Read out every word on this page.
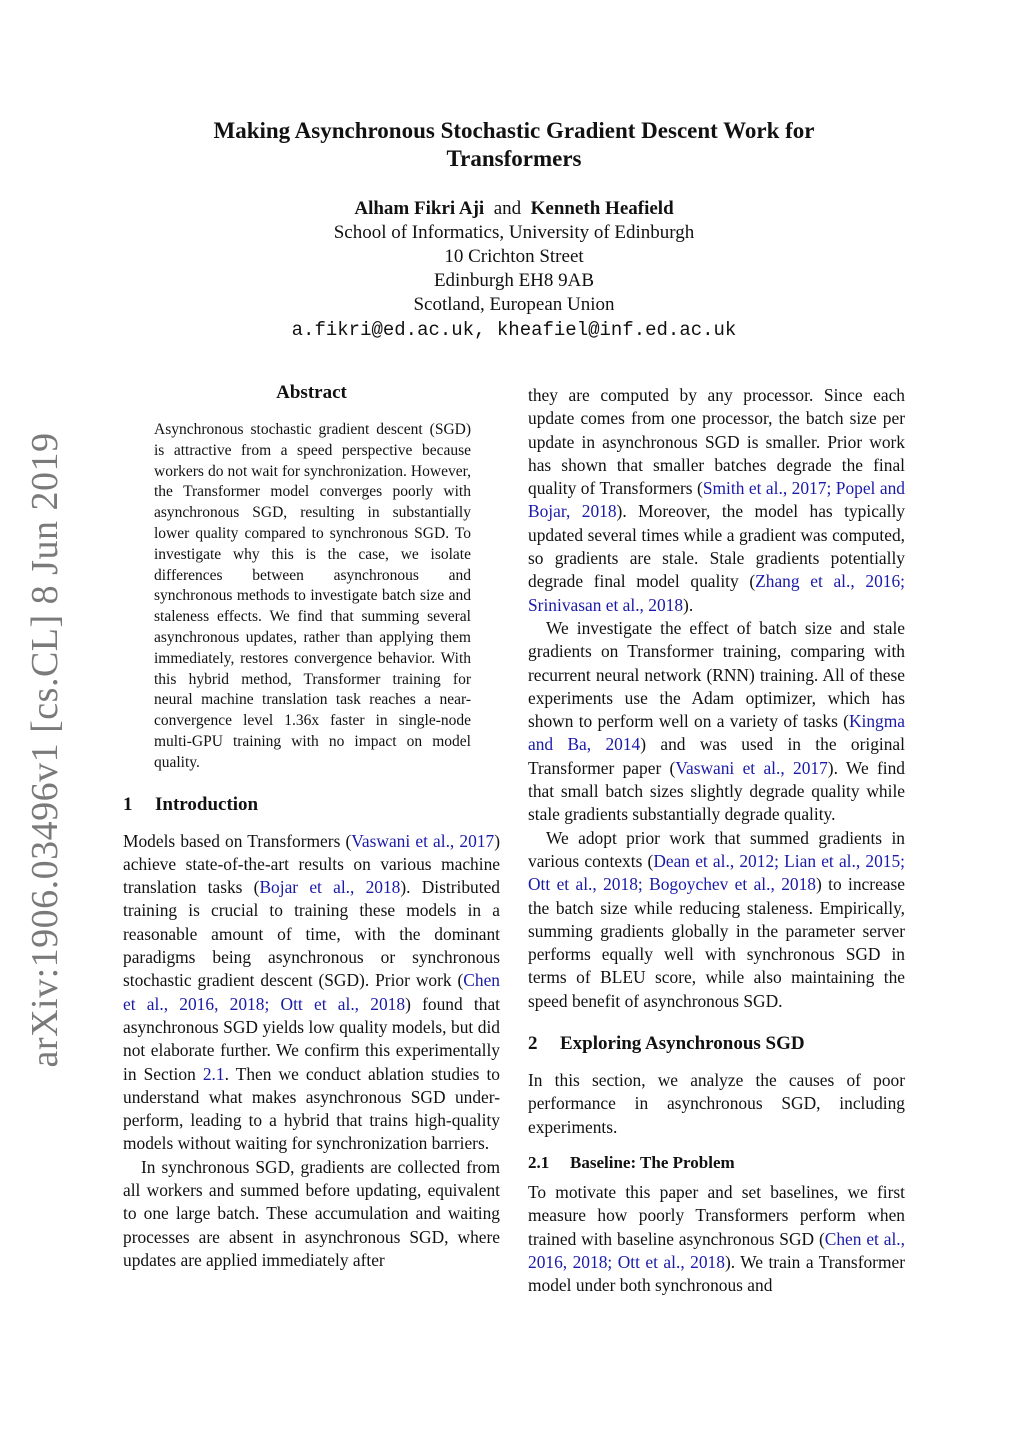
arXiv:1906.03496v1 [cs.CL] 8 Jun 2019
Making Asynchronous Stochastic Gradient Descent Work for
Transformers
Alham Fikri Aji and Kenneth Heafield
School of Informatics, University of Edinburgh
10 Crichton Street
Edinburgh EH8 9AB
Scotland, European Union
a.fikri@ed.ac.uk, kheafiel@inf.ed.ac.uk
Abstract
Asynchronous stochastic gradient descent (SGD) is attractive from a speed perspective because workers do not wait for synchronization. However, the Transformer model converges poorly with asynchronous SGD, resulting in substantially lower quality compared to synchronous SGD. To investigate why this is the case, we isolate differences between asynchronous and synchronous methods to investigate batch size and staleness effects. We find that summing several asynchronous updates, rather than applying them immediately, restores convergence behavior. With this hybrid method, Transformer training for neural machine translation task reaches a near-convergence level 1.36x faster in single-node multi-GPU training with no impact on model quality.
1 Introduction

Models based on Transformers (Vaswani et al., 2017) achieve state-of-the-art results on various machine translation tasks (Bojar et al., 2018). Distributed training is crucial to training these models in a reasonable amount of time, with the dominant paradigms being asynchronous or synchronous stochastic gradient descent (SGD). Prior work (Chen et al., 2016, 2018; Ott et al., 2018) found that asynchronous SGD yields low quality models, but did not elaborate further. We confirm this experimentally in Section 2.1. Then we conduct ablation studies to understand what makes asynchronous SGD under-perform, leading to a hybrid that trains high-quality models without waiting for synchronization barriers.

In synchronous SGD, gradients are collected from all workers and summed before updating, equivalent to one large batch. These accumulation and waiting processes are absent in asynchronous SGD, where updates are applied immediately after

they are computed by any processor. Since each update comes from one processor, the batch size per update in asynchronous SGD is smaller. Prior work has shown that smaller batches degrade the final quality of Transformers (Smith et al., 2017; Popel and Bojar, 2018). Moreover, the model has typically updated several times while a gradient was computed, so gradients are stale. Stale gradients potentially degrade final model quality (Zhang et al., 2016; Srinivasan et al., 2018).

We investigate the effect of batch size and stale gradients on Transformer training, comparing with recurrent neural network (RNN) training. All of these experiments use the Adam optimizer, which has shown to perform well on a variety of tasks (Kingma and Ba, 2014) and was used in the original Transformer paper (Vaswani et al., 2017). We find that small batch sizes slightly degrade quality while stale gradients substantially degrade quality.

We adopt prior work that summed gradients in various contexts (Dean et al., 2012; Lian et al., 2015; Ott et al., 2018; Bogoychev et al., 2018) to increase the batch size while reducing staleness. Empirically, summing gradients globally in the parameter server performs equally well with synchronous SGD in terms of BLEU score, while also maintaining the speed benefit of asynchronous SGD.

2 Exploring Asynchronous SGD

In this section, we analyze the causes of poor performance in asynchronous SGD, including experiments.

2.1 Baseline: The Problem

To motivate this paper and set baselines, we first measure how poorly Transformers perform when trained with baseline asynchronous SGD (Chen et al., 2016, 2018; Ott et al., 2018). We train a Transformer model under both synchronous and
